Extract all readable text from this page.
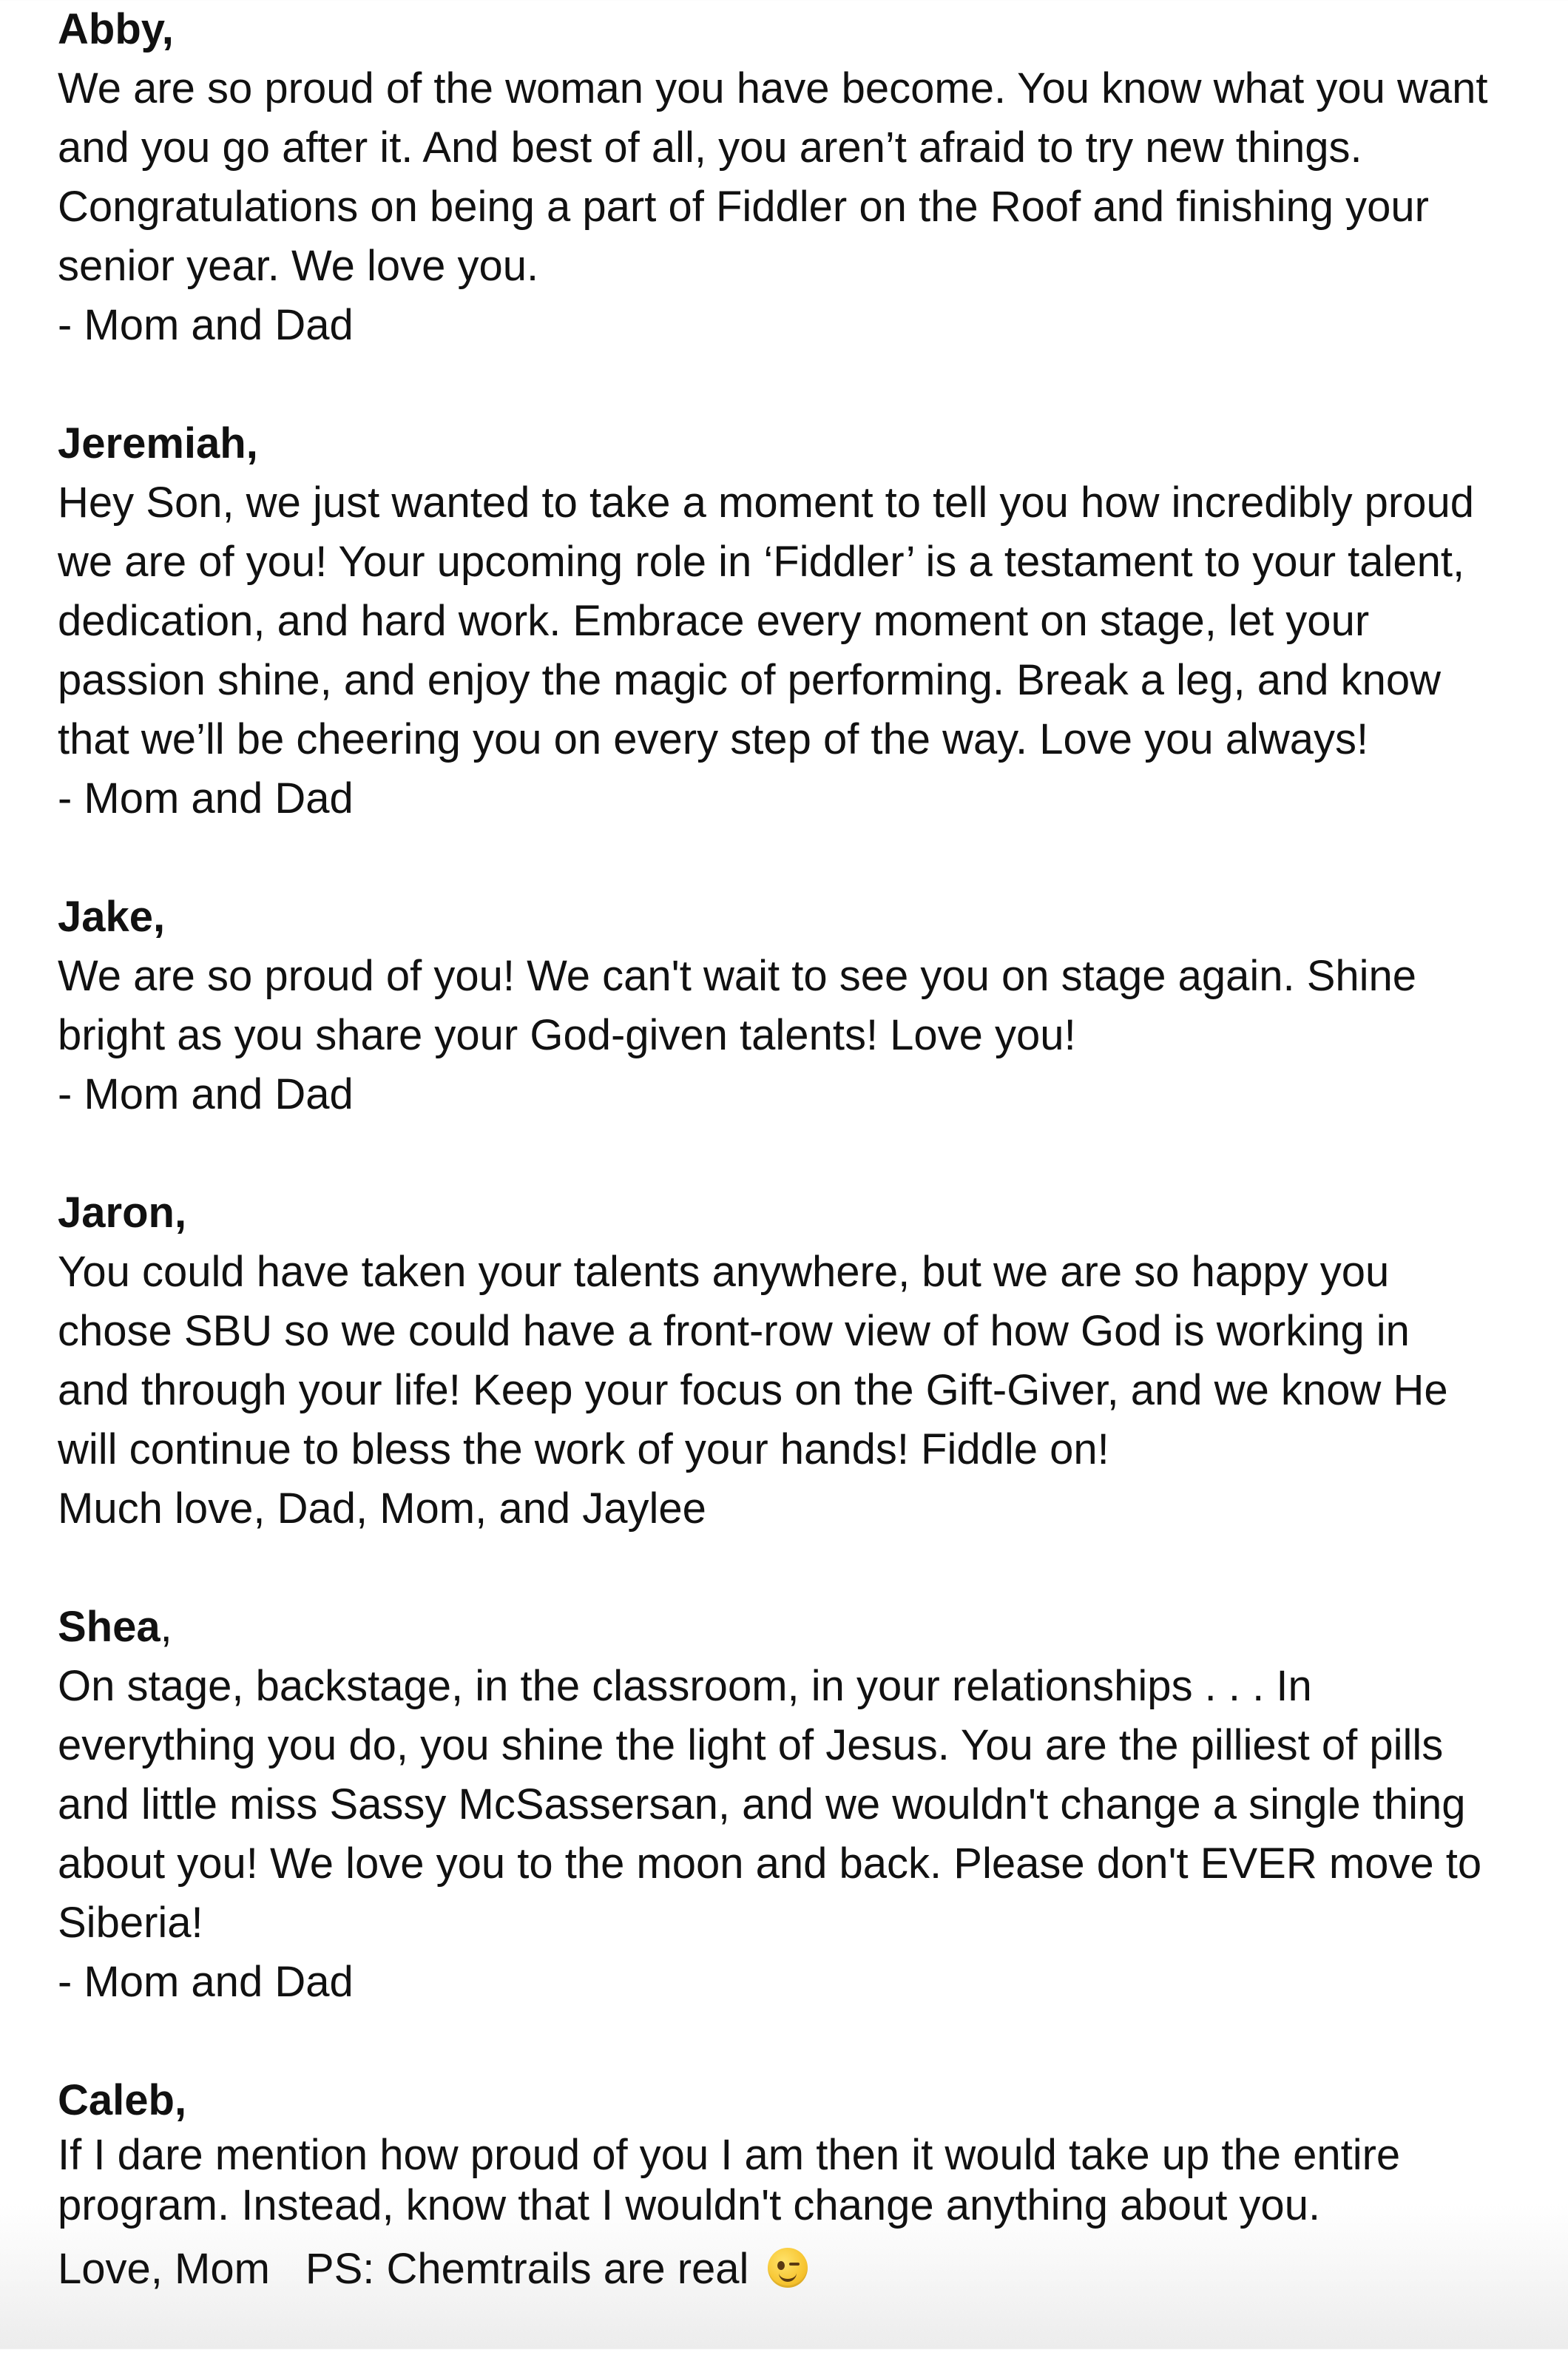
Abby,

We are so proud of the woman you have become. You know what you want

and you go after it. And best of all, you aren’t afraid to try new things.

Congratulations on being a part of Fiddler on the Roof and finishing your

senior year. We love you.

- Mom and Dad
Jeremiah,

Hey Son, we just wanted to take a moment to tell you how incredibly proud

we are of you! Your upcoming role in ‘Fiddler’ is a testament to your talent,

dedication, and hard work. Embrace every moment on stage, let your

passion shine, and enjoy the magic of performing. Break a leg, and know

that we’ll be cheering you on every step of the way. Love you always!

- Mom and Dad
Jake,

We are so proud of you! We can't wait to see you on stage again. Shine

bright as you share your God-given talents! Love you!

- Mom and Dad
Jaron,

You could have taken your talents anywhere, but we are so happy you

chose SBU so we could have a front-row view of how God is working in

and through your life! Keep your focus on the Gift-Giver, and we know He

will continue to bless the work of your hands! Fiddle on!

Much love, Dad, Mom, and Jaylee
Shea,

On stage, backstage, in the classroom, in your relationships . . . In

everything you do, you shine the light of Jesus. You are the pilliest of pills

and little miss Sassy McSassersan, and we wouldn't change a single thing

about you! We love you to the moon and back. Please don't EVER move to

Siberia!

- Mom and Dad
Caleb,

If I dare mention how proud of you I am then it would take up the entire

program. Instead, know that I wouldn't change anything about you.

Love, Mom PS: Chemtrails are real
